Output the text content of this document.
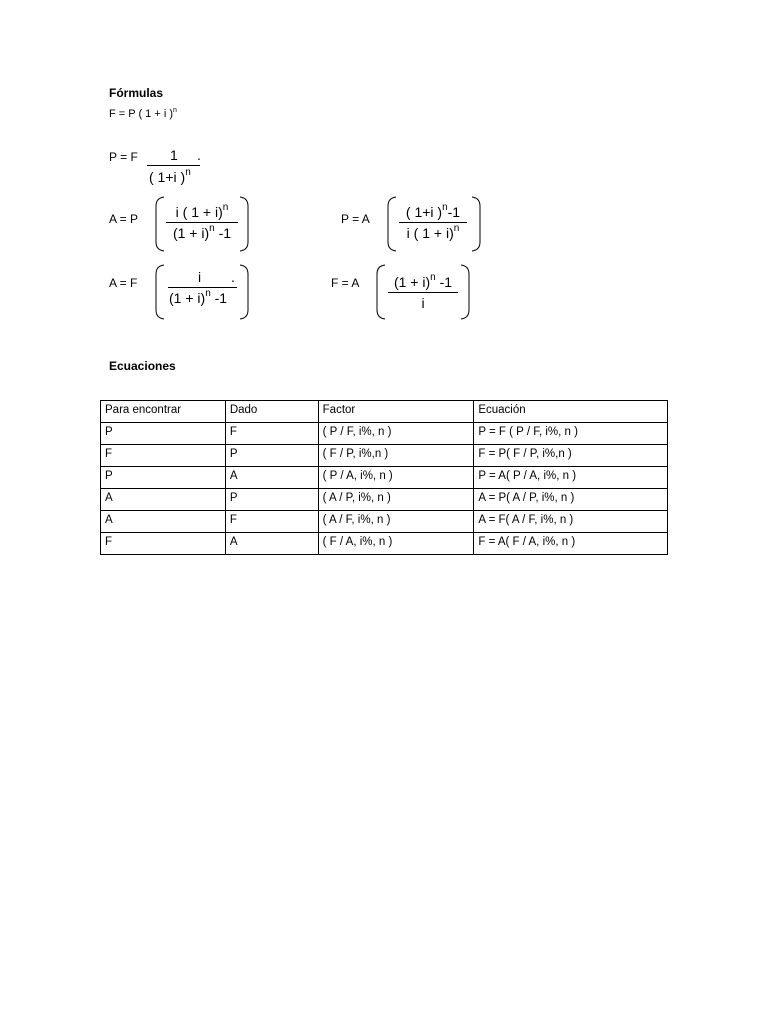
Fórmulas
F = P ( 1 + i )$^n$
P = F 1 .
( 1+i )$^n$
A = P	i ( 1 + i)$^n$
$(1 + i)^n$ -1
P = A	( 1+i )$^n$-1
i ( 1 + i)$^n$
A = F	i .
$(1 + i)^n$ -1
F = A	$(1 + i)^n$ -1
i
Ecuaciones
Para encontrar	Dado	Factor	Ecuación
P	F	( P / F, i%, n )	P = F ( P / F, i%, n )
F	P	( F / P, i%,n )	F = P( F / P, i%,n )
P	A	( P / A, i%, n )	P = A( P / A, i%, n )
A	P	( A / P, i%, n )	A = P( A / P, i%, n )
A	F	( A / F, i%, n )	A = F( A / F, i%, n )
F	A	( F / A, i%, n )	F = A( F / A, i%, n )
